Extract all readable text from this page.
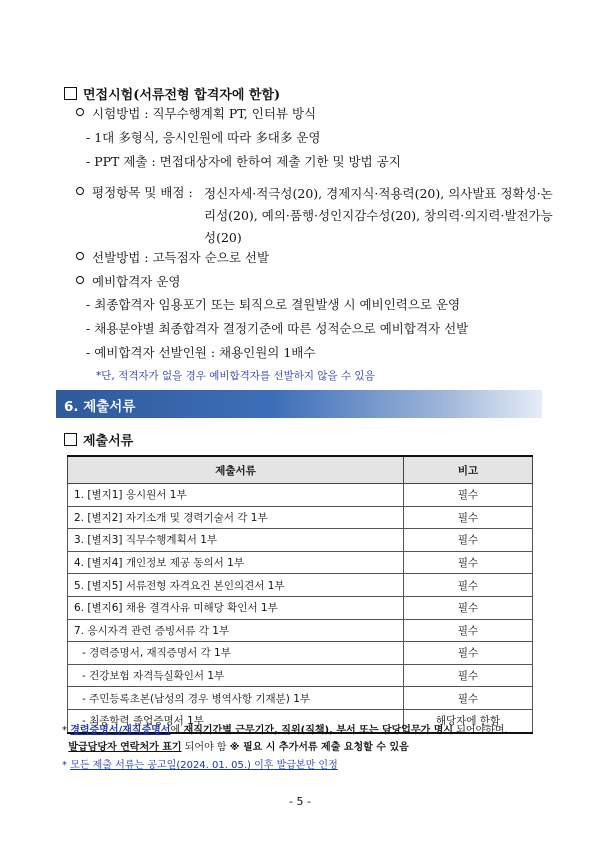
면접시험(서류전형 합격자에 한함)
시험방법 : 직무수행계획 PT, 인터뷰 방식
- 1대 多형식, 응시인원에 따라 多대多 운영
- PPT 제출 : 면접대상자에 한하여 제출 기한 및 방법 공지
평정항목 및 배점 : 정신자세·적극성(20), 경제지식·적용력(20), 의사발표 정확성·논리성(20), 예의·품행·성인지감수성(20), 창의력·의지력·발전가능성(20)
선발방법 : 고득점자 순으로 선발
예비합격자 운영
- 최종합격자 임용포기 또는 퇴직으로 결원발생 시 예비인력으로 운영
- 채용분야별 최종합격자 결정기준에 따른 성적순으로 예비합격자 선발
- 예비합격자 선발인원 : 채용인원의 1배수
*단, 적격자가 없을 경우 예비합격자를 선발하지 않을 수 있음
6. 제출서류
제출서류
제출서류	비고
1. [별지1] 응시원서 1부	필수
2. [별지2] 자기소개 및 경력기술서 각 1부	필수
3. [별지3] 직무수행계획서 1부	필수
4. [별지4] 개인정보 제공 동의서 1부	필수
5. [별지5] 서류전형 자격요건 본인의견서 1부	필수
6. [별지6] 채용 결격사유 미해당 확인서 1부	필수
7. 응시자격 관련 증빙서류 각 1부	필수
- 경력증명서, 재직증명서 각 1부	필수
- 건강보험 자격득실확인서 1부	필수
- 주민등록초본(남성의 경우 병역사항 기재분) 1부	필수
- 최종학력 졸업증명서 1부	해당자에 한함
* 경력증명서/재직증명서에 재직기간별 근무기간, 직위(직책), 부서 또는 담당업무가 명시 되어야하며,
발급담당자 연락처가 표기 되어야 함 ※ 필요 시 추가서류 제출 요청할 수 있음
* 모든 제출 서류는 공고일(2024. 01. 05.) 이후 발급본만 인정
- 5 -
